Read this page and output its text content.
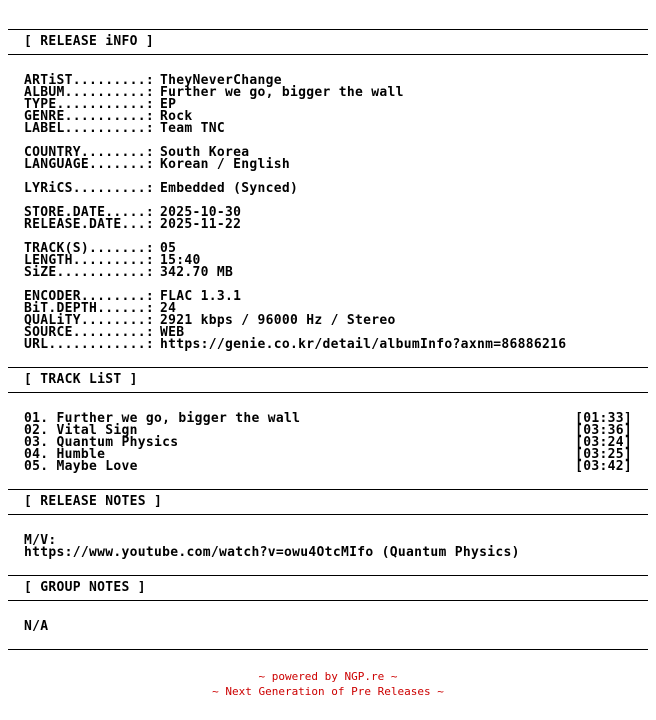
[ RELEASE iNFO ]
ARTiST.........: TheyNeverChange
ALBUM..........: Further we go, bigger the wall
TYPE...........: EP
GENRE..........: Rock
LABEL..........: Team TNC
COUNTRY........: South Korea
LANGUAGE.......: Korean / English
LYRiCS.........: Embedded (Synced)
STORE.DATE.....: 2025-10-30
RELEASE.DATE...: 2025-11-22
TRACK(S).......: 05
LENGTH.........: 15:40
SiZE...........: 342.70 MB
ENCODER........: FLAC 1.3.1
BiT.DEPTH......: 24
QUALiTY........: 2921 kbps / 96000 Hz / Stereo
SOURCE.........: WEB
URL............: https://genie.co.kr/detail/albumInfo?axnm=86886216
[ TRACK LiST ]
01. Further we go, bigger the wall	[01:33]
02. Vital Sign	[03:36]
03. Quantum Physics	[03:24]
04. Humble	[03:25]
05. Maybe Love	[03:42]
[ RELEASE NOTES ]
M/V:
https://www.youtube.com/watch?v=owu4OtcMIfo (Quantum Physics)
[ GROUP NOTES ]
N/A
~ powered by NGP.re ~
~ Next Generation of Pre Releases ~
